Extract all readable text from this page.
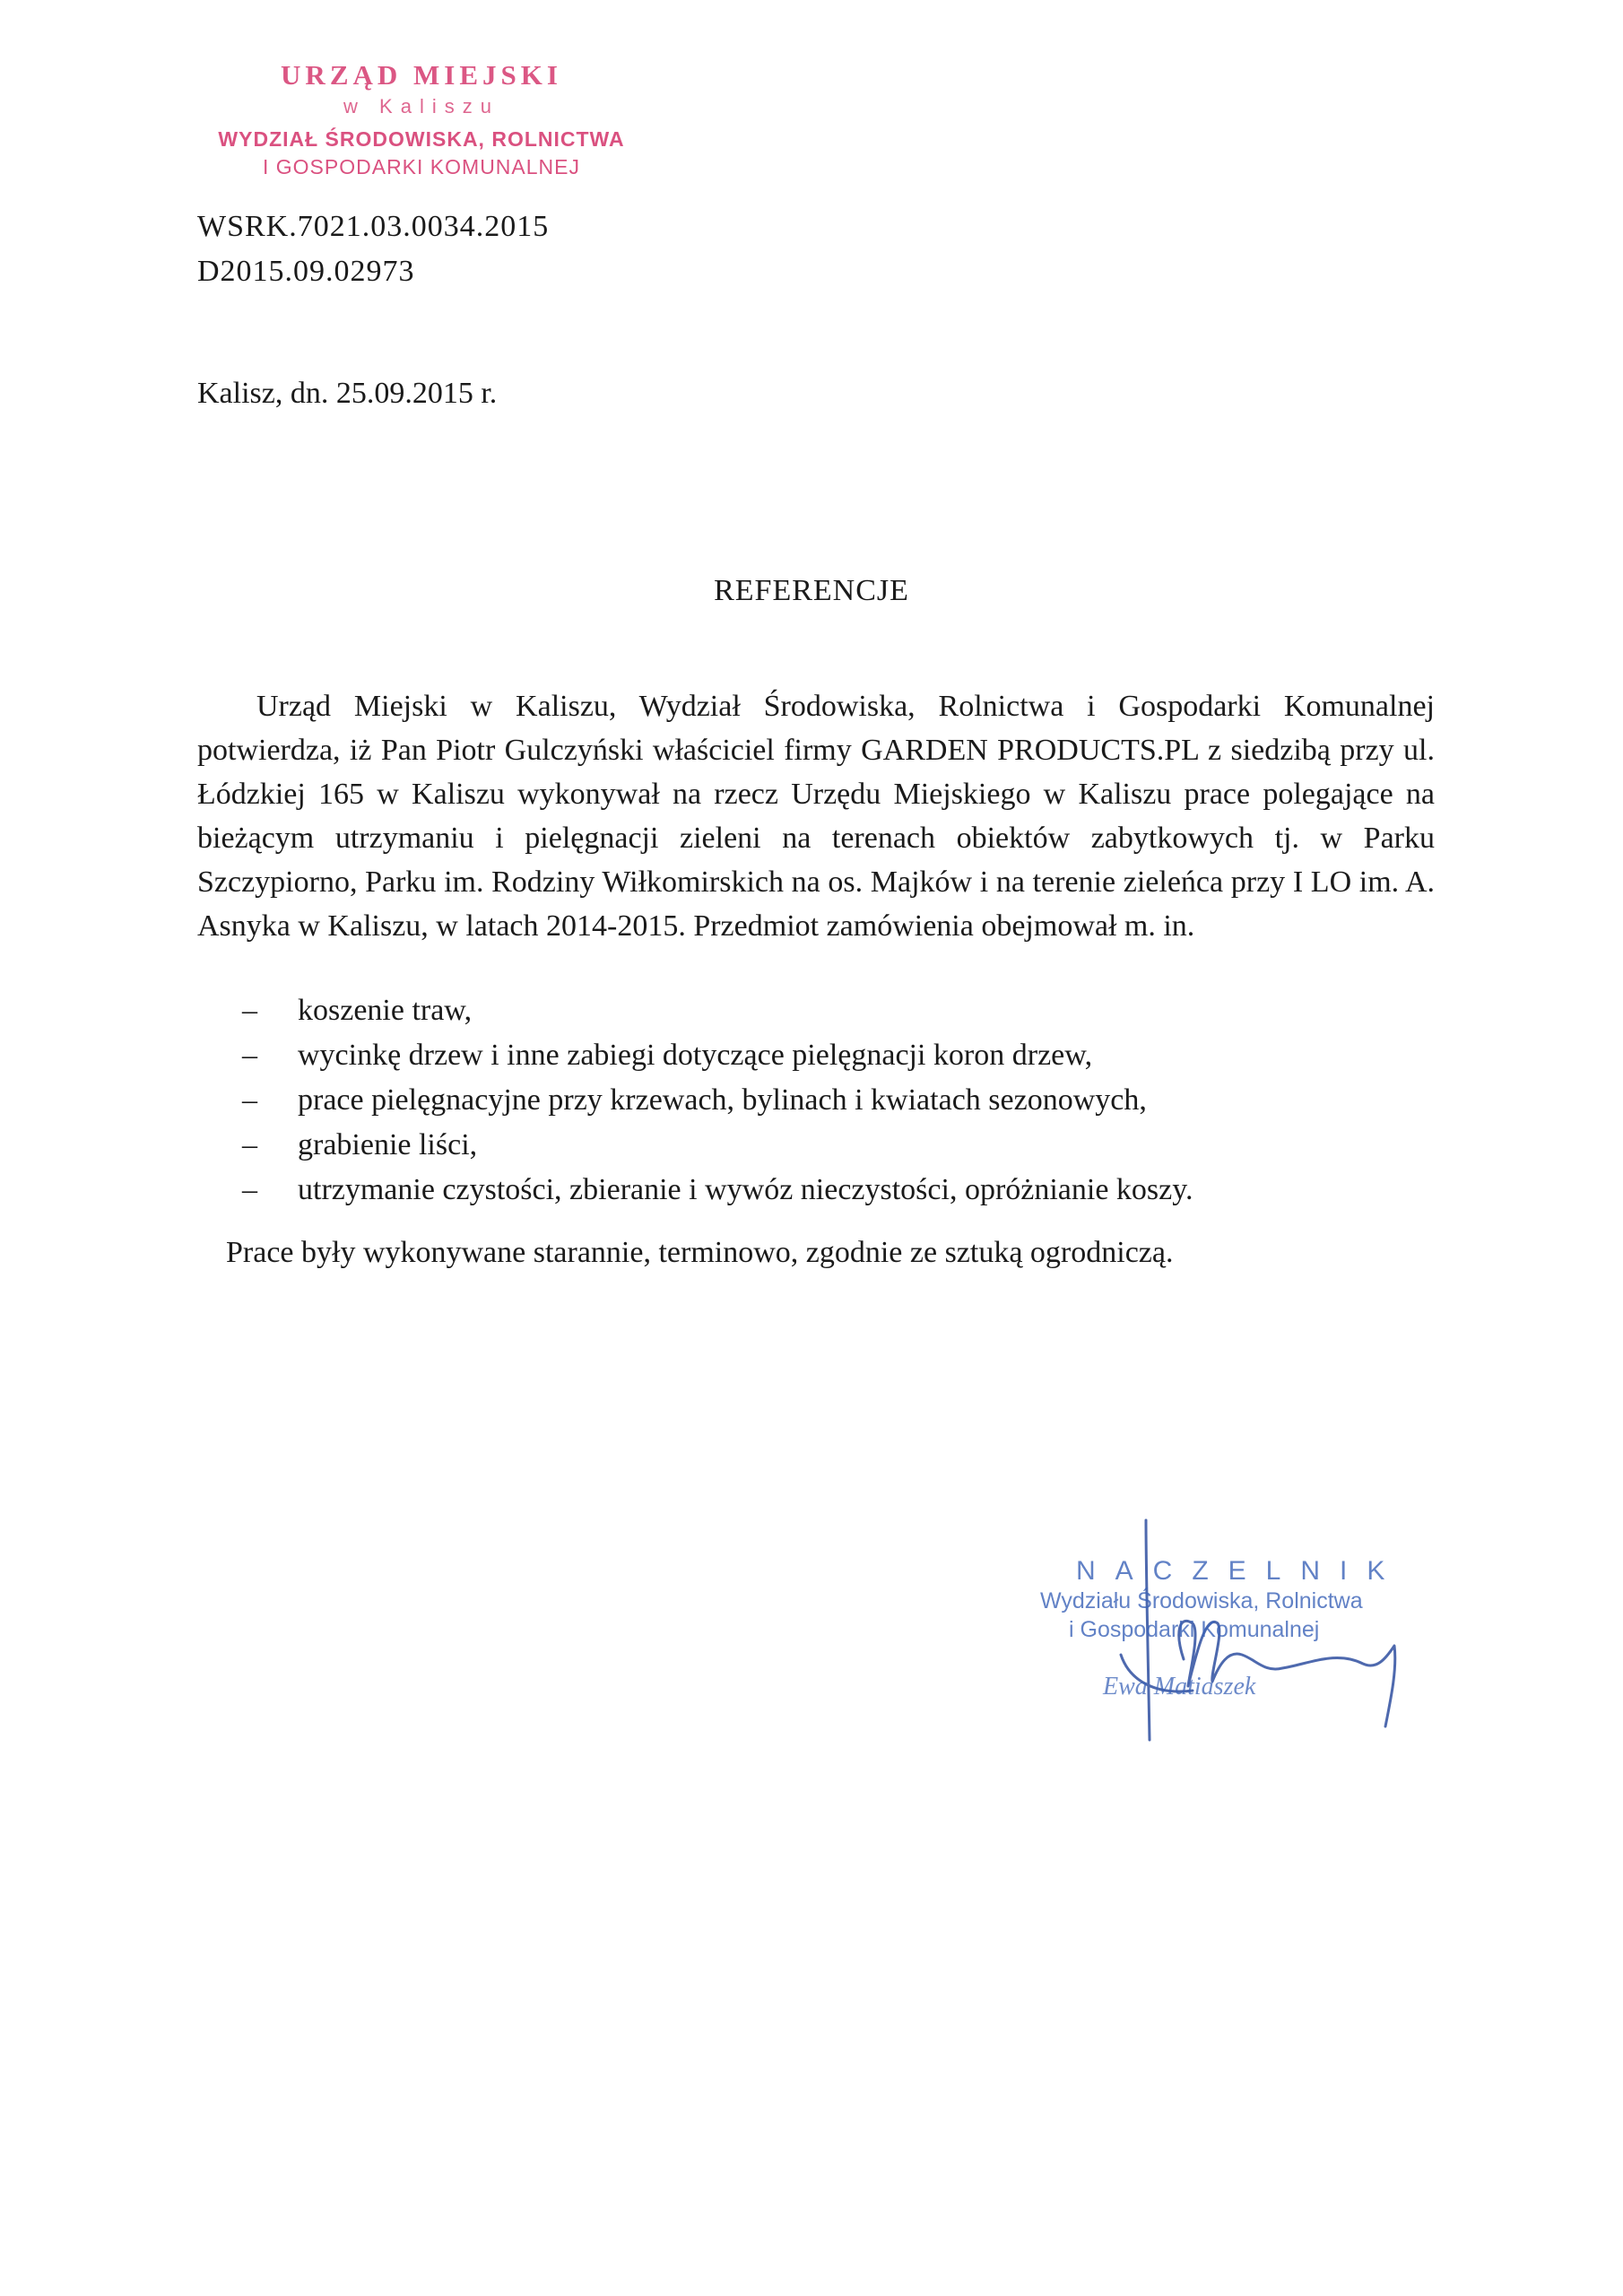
URZĄD MIEJSKI
w Kaliszu
WYDZIAŁ ŚRODOWISKA, ROLNICTWA
I GOSPODARKI KOMUNALNEJ
WSRK.7021.03.0034.2015
D2015.09.02973
Kalisz, dn. 25.09.2015 r.
REFERENCJE
Urząd Miejski w Kaliszu, Wydział Środowiska, Rolnictwa i Gospodarki Komunalnej potwierdza, iż Pan Piotr Gulczyński właściciel firmy GARDEN PRODUCTS.PL z siedzibą przy ul. Łódzkiej 165 w Kaliszu wykonywał na rzecz Urzędu Miejskiego w Kaliszu prace polegające na bieżącym utrzymaniu i pielęgnacji zieleni na terenach obiektów zabytkowych tj. w Parku Szczypiorno, Parku im. Rodziny Wiłkomirskich na os. Majków i na terenie zieleńca przy I LO im. A. Asnyka w Kaliszu, w latach 2014-2015. Przedmiot zamówienia obejmował m. in.
– koszenie traw,
– wycinkę drzew i inne zabiegi dotyczące pielęgnacji koron drzew,
– prace pielęgnacyjne przy krzewach, bylinach i kwiatach sezonowych,
– grabienie liści,
– utrzymanie czystości, zbieranie i wywóz nieczystości, opróżnianie koszy.
Prace były wykonywane starannie, terminowo, zgodnie ze sztuką ogrodniczą.
NACZELNIK
Wydziału Środowiska, Rolnictwa
i Gospodarki Komunalnej
Ewa Matiaszek
